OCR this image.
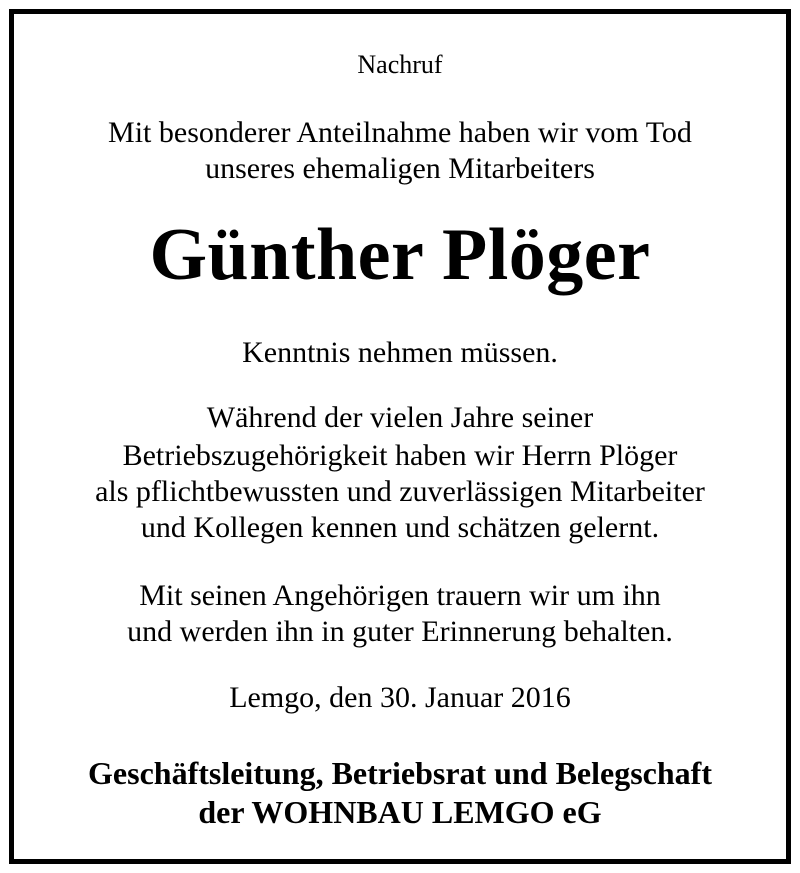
Nachruf
Mit besonderer Anteilnahme haben wir vom Tod
unseres ehemaligen Mitarbeiters
Günther Plöger
Kenntnis nehmen müssen.
Während der vielen Jahre seiner
Betriebszugehörigkeit haben wir Herrn Plöger
als pflichtbewussten und zuverlässigen Mitarbeiter
und Kollegen kennen und schätzen gelernt.
Mit seinen Angehörigen trauern wir um ihn
und werden ihn in guter Erinnerung behalten.
Lemgo, den 30. Januar 2016
Geschäftsleitung, Betriebsrat und Belegschaft
der WOHNBAU LEMGO eG
